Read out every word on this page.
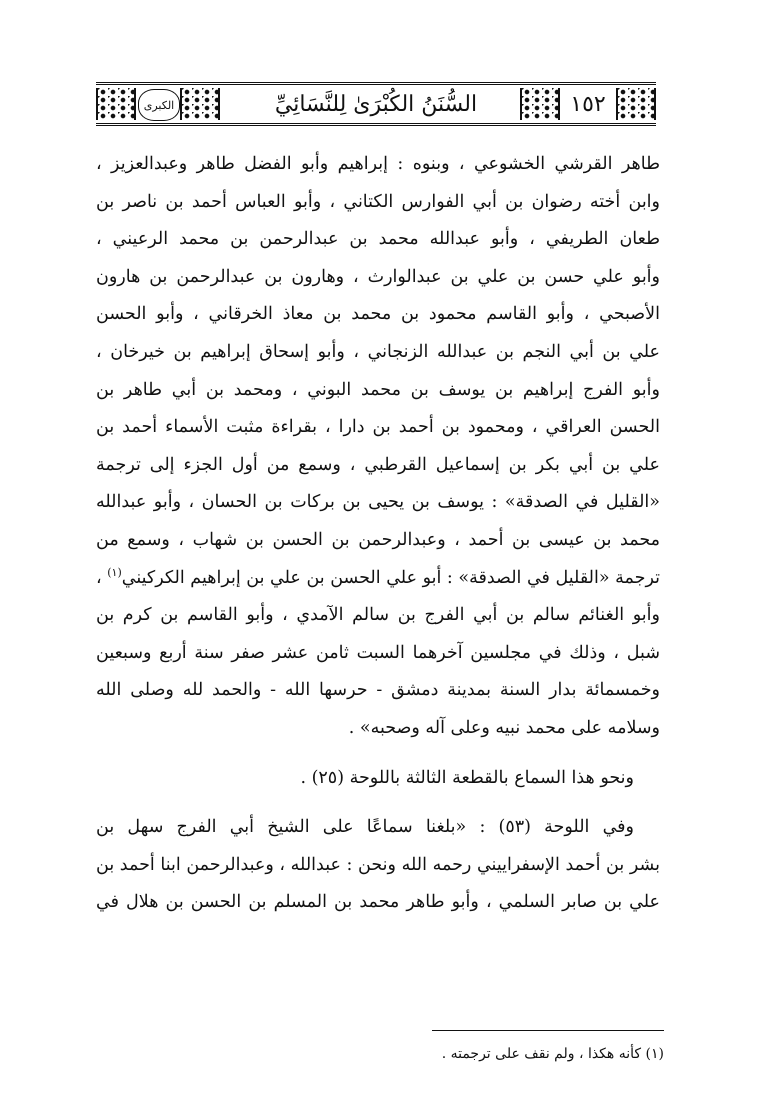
الكبرى	السُّنَنُ الكُبْرَىٰ لِلنَّسَائِيِّ	١٥٢
طاهر القرشي الخشوعي ، وبنوه : إبراهيم وأبو الفضل طاهر وعبدالعزيز ،
وابن أخته رضوان بن أبي الفوارس الكتاني ، وأبو العباس أحمد بن ناصر بن
طعان الطريفي ، وأبو عبدالله محمد بن عبدالرحمن بن محمد الرعيني ،
وأبو علي حسن بن علي بن عبدالوارث ، وهارون بن عبدالرحمن بن هارون
الأصبحي ، وأبو القاسم محمود بن محمد بن معاذ الخرقاني ، وأبو الحسن
علي بن أبي النجم بن عبدالله الزنجاني ، وأبو إسحاق إبراهيم بن خيرخان ،
وأبو الفرج إبراهيم بن يوسف بن محمد البوني ، ومحمد بن أبي طاهر بن
الحسن العراقي ، ومحمود بن أحمد بن دارا ، بقراءة مثبت الأسماء أحمد بن
علي بن أبي بكر بن إسماعيل القرطبي ، وسمع من أول الجزء إلى ترجمة
«القليل في الصدقة» : يوسف بن يحيى بن بركات بن الحسان ، وأبو عبدالله
محمد بن عيسى بن أحمد ، وعبدالرحمن بن الحسن بن شهاب ، وسمع من
ترجمة «القليل في الصدقة» : أبو علي الحسن بن علي بن إبراهيم الكركيني$^{(١)}$ ،
وأبو الغنائم سالم بن أبي الفرج بن سالم الآمدي ، وأبو القاسم بن كرم بن
شبل ، وذلك في مجلسين آخرهما السبت ثامن عشر صفر سنة أربع وسبعين
وخمسمائة بدار السنة بمدينة دمشق - حرسها الله - والحمد لله وصلى الله
وسلامه على محمد نبيه وعلى آله وصحبه» .
ونحو هذا السماع بالقطعة الثالثة باللوحة (٢٥) .
وفي اللوحة (٥٣) : «بلغنا سماعًا على الشيخ أبي الفرج سهل بن
بشر بن أحمد الإسفراييني رحمه الله ونحن : عبدالله ، وعبدالرحمن ابنا أحمد بن
علي بن صابر السلمي ، وأبو طاهر محمد بن المسلم بن الحسن بن هلال في
(١) كأنه هكذا ، ولم نقف على ترجمته .
